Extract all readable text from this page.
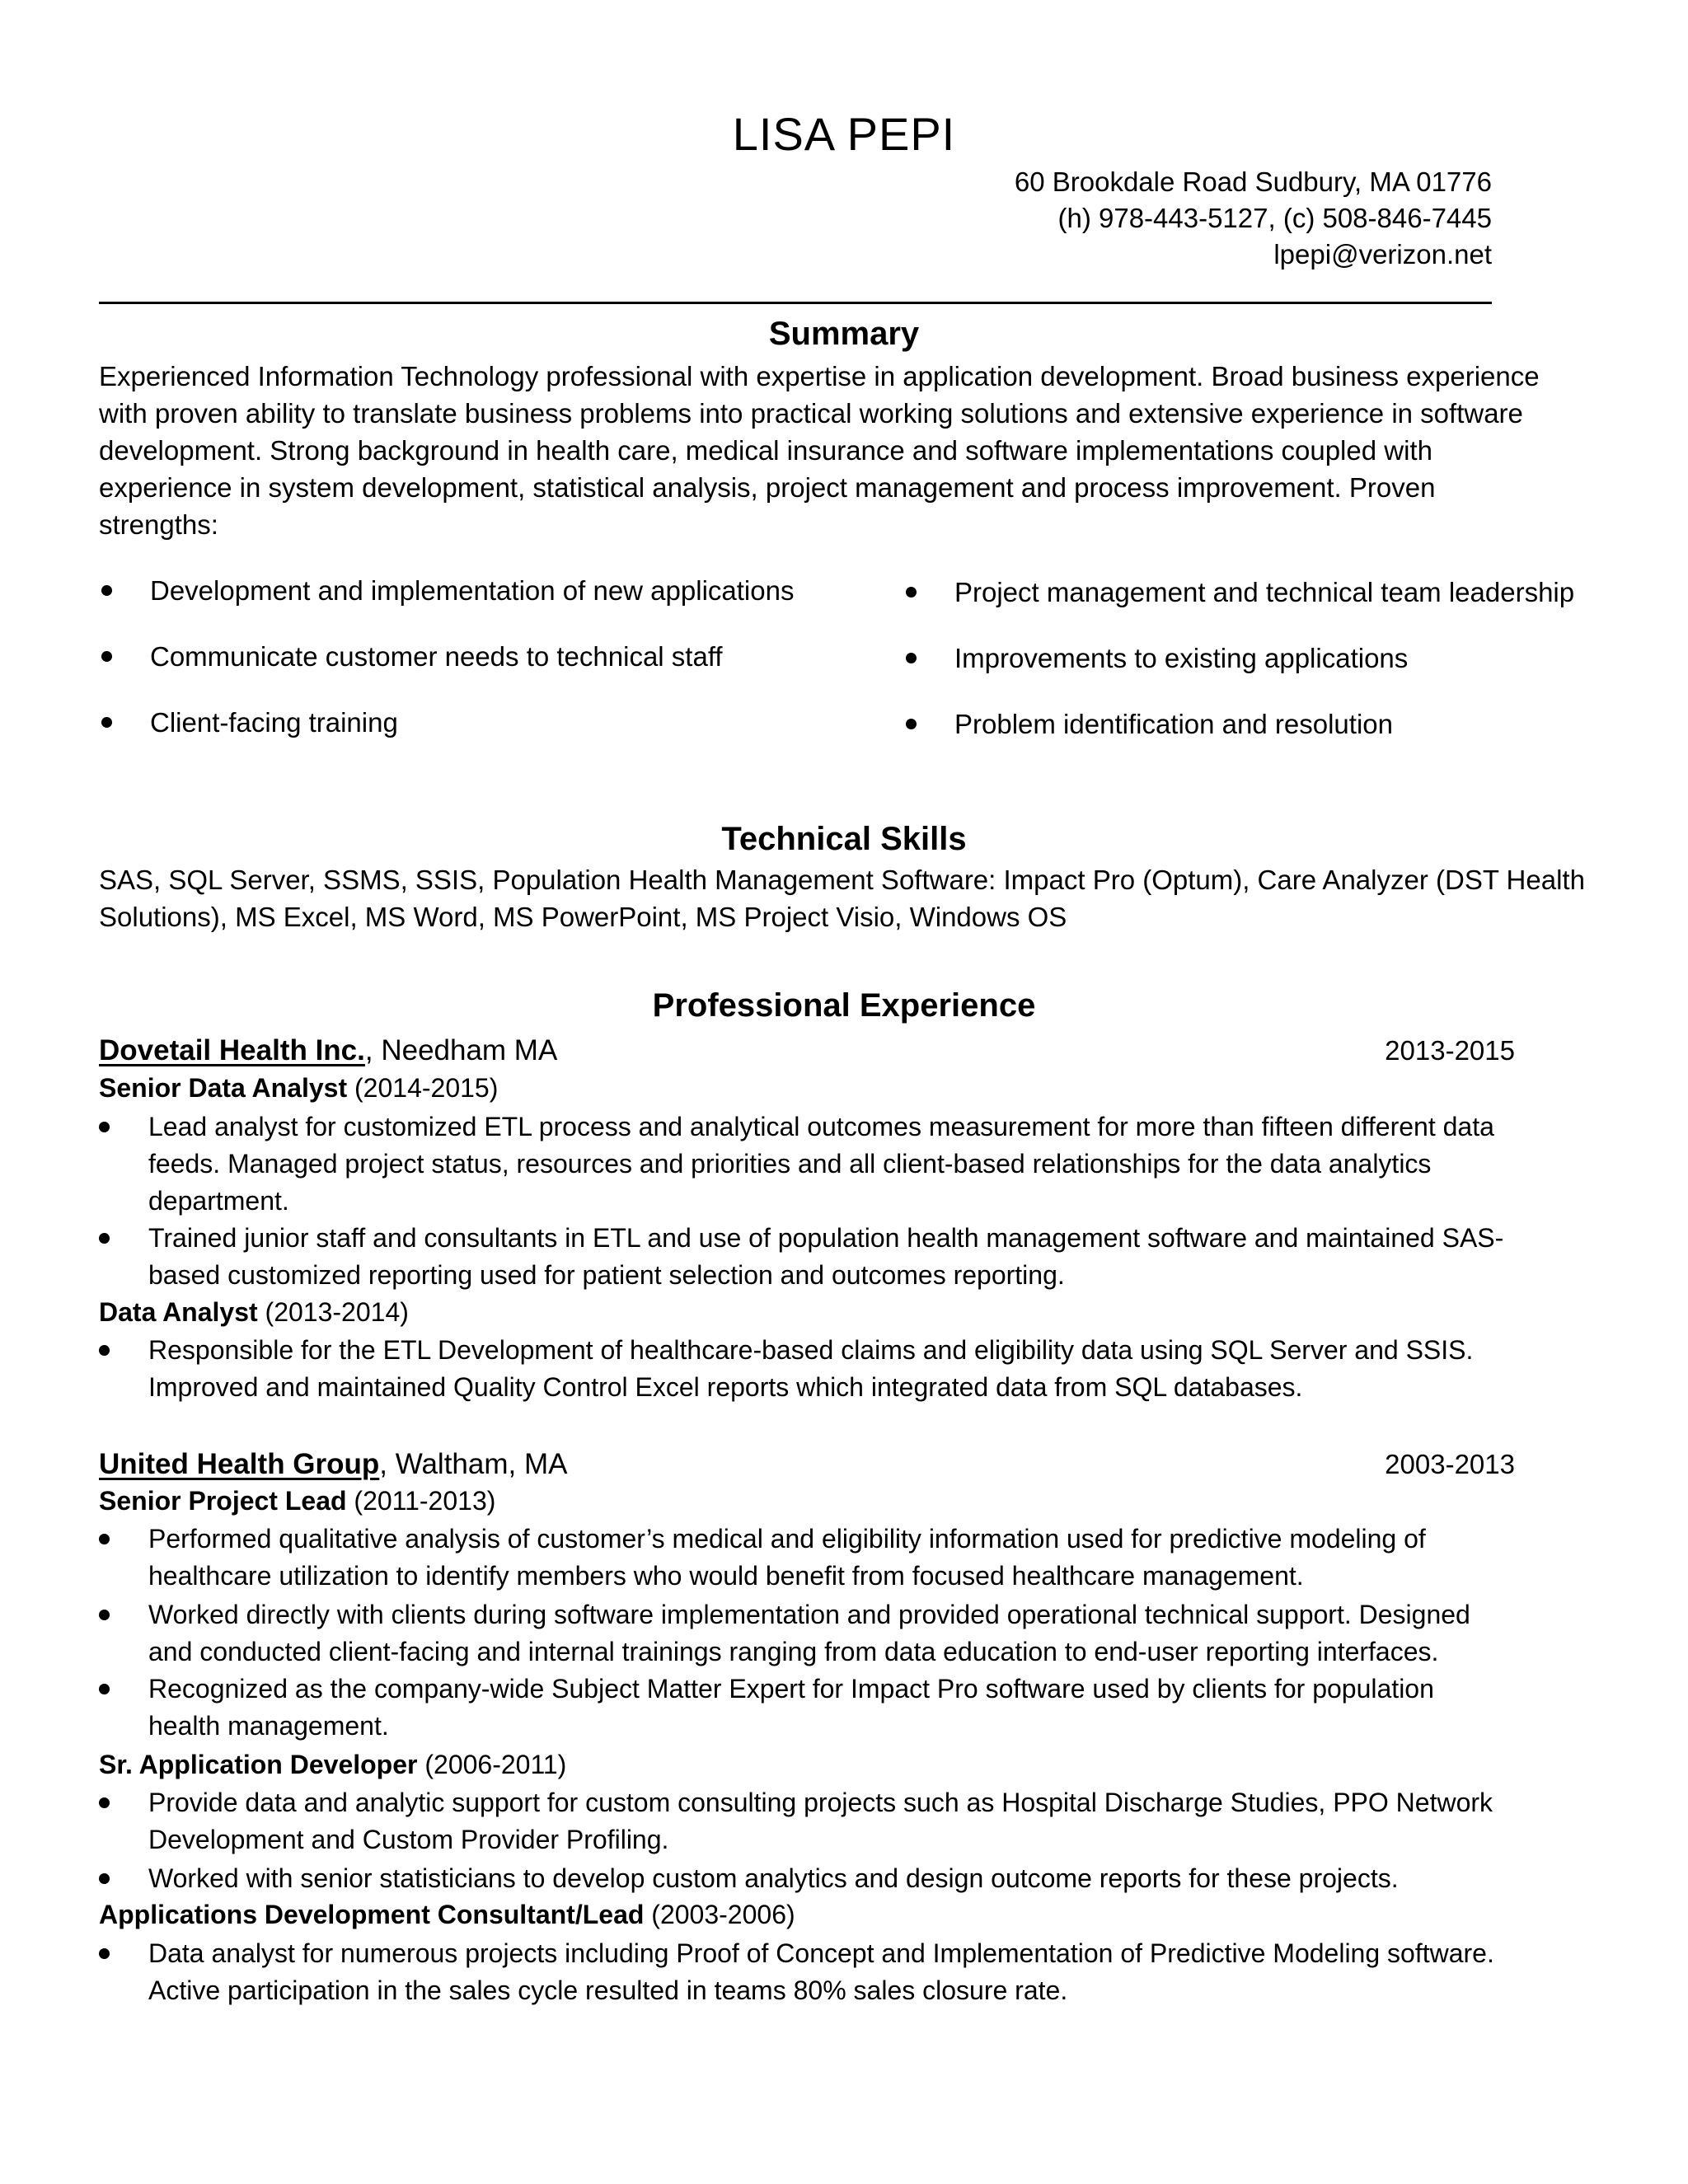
LISA PEPI
60 Brookdale Road Sudbury, MA 01776
(h) 978-443-5127, (c) 508-846-7445
lpepi@verizon.net
Summary

Experienced Information Technology professional with expertise in application development. Broad business experience

with proven ability to translate business problems into practical working solutions and extensive experience in software

development. Strong background in health care, medical insurance and software implementations coupled with

experience in system development, statistical analysis, project management and process improvement. Proven

strengths:

Development and implementation of new applications
Communicate customer needs to technical staff
Client-facing training
Project management and technical team leadership
Improvements to existing applications
Problem identification and resolution
Technical Skills

SAS, SQL Server, SSMS, SSIS, Population Health Management Software: Impact Pro (Optum), Care Analyzer (DST Health

Solutions), MS Excel, MS Word, MS PowerPoint, MS Project Visio, Windows OS

Professional Experience
Dovetail Health Inc., Needham MA	2013-2015
Senior Data Analyst (2014-2015)

Lead analyst for customized ETL process and analytical outcomes measurement for more than fifteen different data

feeds. Managed project status, resources and priorities and all client-based relationships for the data analytics

department.

Trained junior staff and consultants in ETL and use of population health management software and maintained SAS-

based customized reporting used for patient selection and outcomes reporting.

Data Analyst (2013-2014)

Responsible for the ETL Development of healthcare-based claims and eligibility data using SQL Server and SSIS.

Improved and maintained Quality Control Excel reports which integrated data from SQL databases.

United Health Group, Waltham, MA	2003-2013
Senior Project Lead (2011-2013)

Performed qualitative analysis of customer’s medical and eligibility information used for predictive modeling of

healthcare utilization to identify members who would benefit from focused healthcare management.

Worked directly with clients during software implementation and provided operational technical support. Designed

and conducted client-facing and internal trainings ranging from data education to end-user reporting interfaces.

Recognized as the company-wide Subject Matter Expert for Impact Pro software used by clients for population

health management.

Sr. Application Developer (2006-2011)

Provide data and analytic support for custom consulting projects such as Hospital Discharge Studies, PPO Network

Development and Custom Provider Profiling.

Worked with senior statisticians to develop custom analytics and design outcome reports for these projects.

Applications Development Consultant/Lead (2003-2006)

Data analyst for numerous projects including Proof of Concept and Implementation of Predictive Modeling software.

Active participation in the sales cycle resulted in teams 80% sales closure rate.
